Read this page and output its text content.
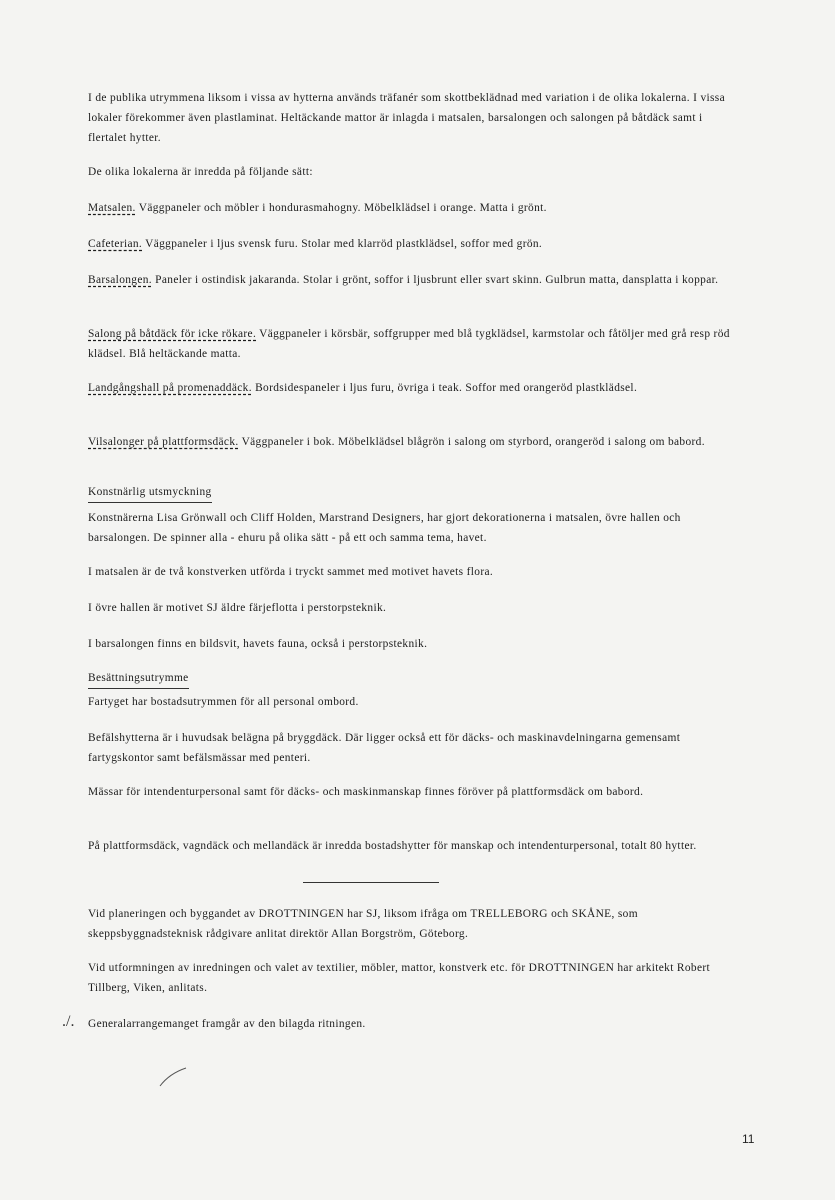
I de publika utrymmena liksom i vissa av hytterna används träfanér som skottbeklädnad med variation i de olika lokalerna. I vissa lokaler förekommer även plastlaminat. Heltäckande mattor är inlagda i matsalen, barsalongen och salongen på båtdäck samt i flertalet hytter.

De olika lokalerna är inredda på följande sätt:

Matsalen. Väggpaneler och möbler i hondurasmahogny. Möbelklädsel i orange. Matta i grönt.

Cafeterian. Väggpaneler i ljus svensk furu. Stolar med klarröd plastklädsel, soffor med grön.

Barsalongen. Paneler i ostindisk jakaranda. Stolar i grönt, soffor i ljusbrunt eller svart skinn. Gulbrun matta, dansplatta i koppar.

Salong på båtdäck för icke rökare. Väggpaneler i körsbär, soffgrupper med blå tygklädsel, karmstolar och fåtöljer med grå resp röd klädsel. Blå heltäckande matta.

Landgångshall på promenaddäck. Bordsidespaneler i ljus furu, övriga i teak. Soffor med orangeröd plastklädsel.

Vilsalonger på plattformsdäck. Väggpaneler i bok. Möbelklädsel blågrön i salong om styrbord, orangeröd i salong om babord.

Konstnärlig utsmyckning

Konstnärerna Lisa Grönwall och Cliff Holden, Marstrand Designers, har gjort dekorationerna i matsalen, övre hallen och barsalongen. De spinner alla - ehuru på olika sätt - på ett och samma tema, havet.

I matsalen är de två konstverken utförda i tryckt sammet med motivet havets flora.

I övre hallen är motivet SJ äldre färjeflotta i perstorpsteknik.

I barsalongen finns en bildsvit, havets fauna, också i perstorpsteknik.

Besättningsutrymme

Fartyget har bostadsutrymmen för all personal ombord.

Befälshytterna är i huvudsak belägna på bryggdäck. Där ligger också ett för däcks- och maskinavdelningarna gemensamt fartygskontor samt befälsmässar med penteri.

Mässar för intendenturpersonal samt för däcks- och maskinmanskap finnes föröver på plattformsdäck om babord.

På plattformsdäck, vagndäck och mellandäck är inredda bostadshytter för manskap och intendenturpersonal, totalt 80 hytter.

Vid planeringen och byggandet av DROTTNINGEN har SJ, liksom ifråga om TRELLEBORG och SKÅNE, som skeppsbyggnadsteknisk rådgivare anlitat direktör Allan Borgström, Göteborg.

Vid utformningen av inredningen och valet av textilier, möbler, mattor, konstverk etc. för DROTTNINGEN har arkitekt Robert Tillberg, Viken, anlitats.

./. Generalarrangemanget framgår av den bilagda ritningen.

11
